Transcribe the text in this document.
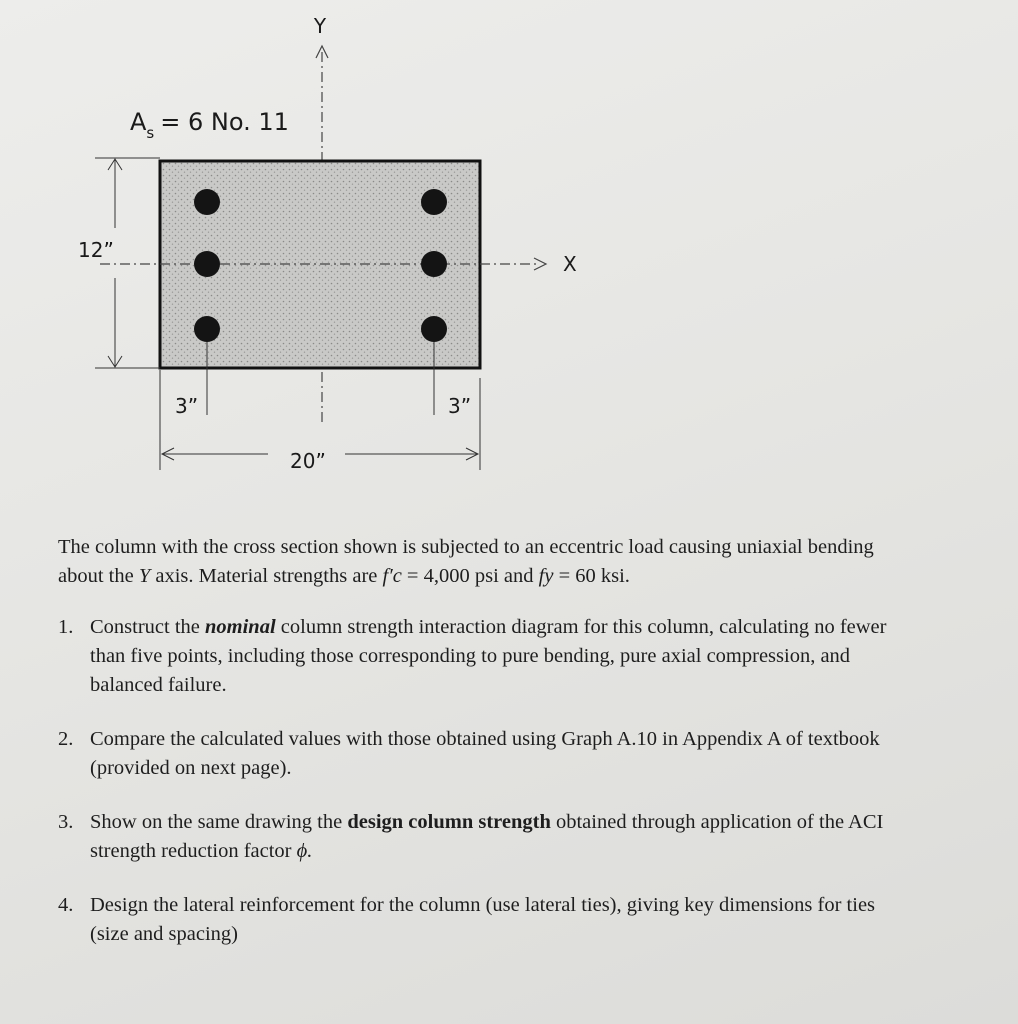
Y
$A_s = 6$ No. 11
X
12”
3”	3”
20”

The column with the cross section shown is subjected to an eccentric load causing uniaxial bending about the Y axis. Material strengths are f′c = 4,000 psi and fy = 60 ksi.

1. Construct the nominal column strength interaction diagram for this column, calculating no fewer than five points, including those corresponding to pure bending, pure axial compression, and balanced failure.
2. Compare the calculated values with those obtained using Graph A.10 in Appendix A of textbook (provided on next page).
3. Show on the same drawing the design column strength obtained through application of the ACI strength reduction factor ϕ.
4. Design the lateral reinforcement for the column (use lateral ties), giving key dimensions for ties (size and spacing)
